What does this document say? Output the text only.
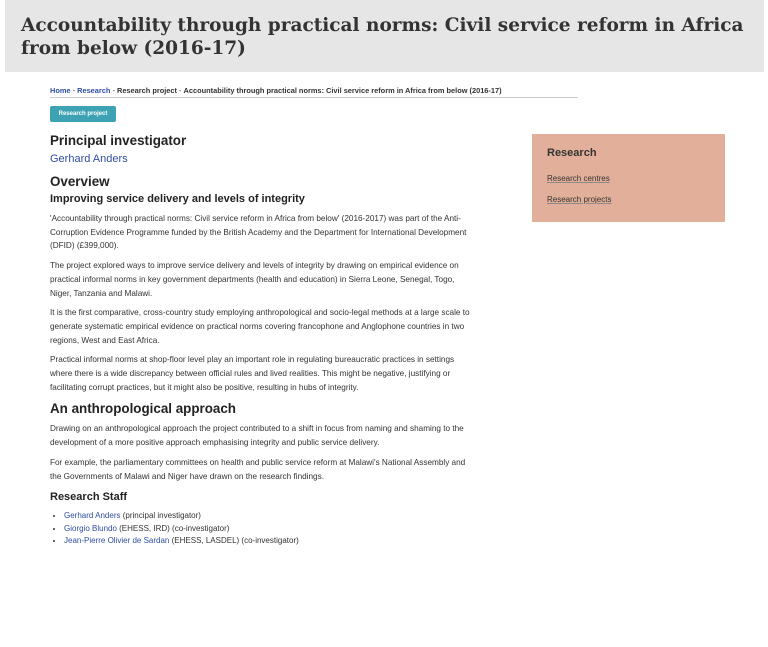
Accountability through practical norms: Civil service reform in Africa from below (2016-17)
Home - Research - Research project - Accountability through practical norms: Civil service reform in Africa from below (2016-17)
Research project
Principal investigator
Gerhard Anders
Overview
Improving service delivery and levels of integrity

'Accountability through practical norms: Civil service reform in Africa from below' (2016-2017) was part of the Anti-Corruption Evidence Programme funded by the British Academy and the Department for International Development (DFID) (£399,000).

The project explored ways to improve service delivery and levels of integrity by drawing on empirical evidence on practical informal norms in key government departments (health and education) in Sierra Leone, Senegal, Togo, Niger, Tanzania and Malawi.

It is the first comparative, cross-country study employing anthropological and socio-legal methods at a large scale to generate systematic empirical evidence on practical norms covering francophone and Anglophone countries in two regions, West and East Africa.

Practical informal norms at shop-floor level play an important role in regulating bureaucratic practices in settings where there is a wide discrepancy between official rules and lived realities. This might be negative, justifying or facilitating corrupt practices, but it might also be positive, resulting in hubs of integrity.

An anthropological approach

Drawing on an anthropological approach the project contributed to a shift in focus from naming and shaming to the development of a more positive approach emphasising integrity and public service delivery.

For example, the parliamentary committees on health and public service reform at Malawi's National Assembly and the Governments of Malawi and Niger have drawn on the research findings.

Research Staff
• Gerhard Anders (principal investigator)
• Giorgio Blundo (EHESS, IRD) (co-investigator)
• Jean-Pierre Olivier de Sardan (EHESS, LASDEL) (co-investigator)
Research
Research centres
Research projects
